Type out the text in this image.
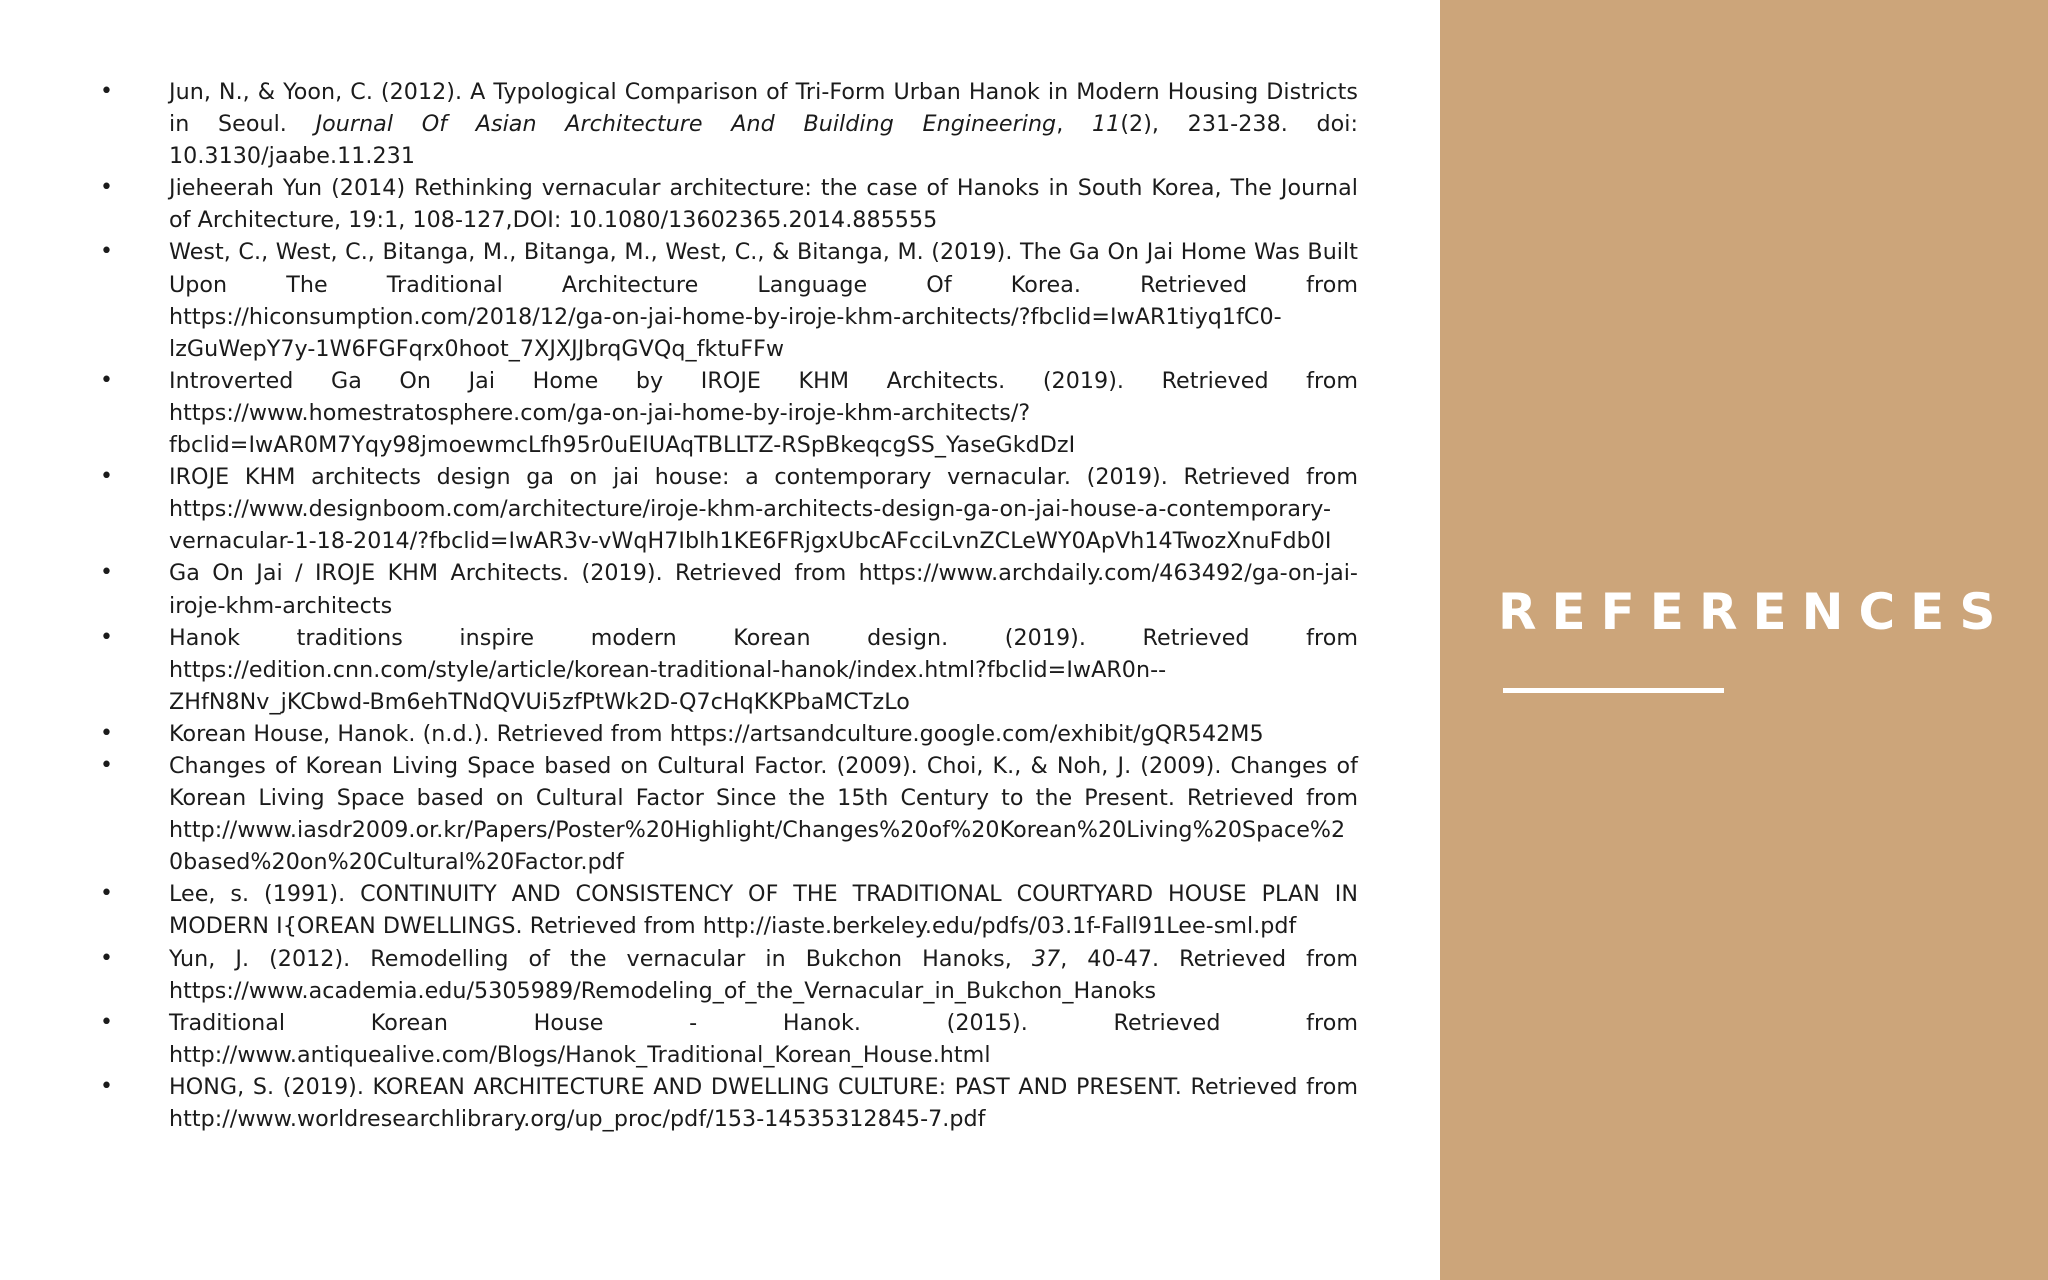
•	Jun, N., & Yoon, C. (2012). A Typological Comparison of Tri-Form Urban Hanok in Modern Housing Districts in Seoul. Journal Of Asian Architecture And Building Engineering, 11(2), 231-238. doi: 10.3130/jaabe.11.231
•	Jieheerah Yun (2014) Rethinking vernacular architecture: the case of Hanoks in South Korea, The Journal of Architecture, 19:1, 108-127,DOI: 10.1080/13602365.2014.885555
•	West, C., West, C., Bitanga, M., Bitanga, M., West, C., & Bitanga, M. (2019). The Ga On Jai Home Was Built Upon The Traditional Architecture Language Of Korea. Retrieved from https://hiconsumption.com/2018/12/ga-on-jai-home-by-iroje-khm-architects/?fbclid=IwAR1tiyq1fC0-lzGuWepY7y-1W6FGFqrx0hoot_7XJXJJbrqGVQq_fktuFFw
•	Introverted Ga On Jai Home by IROJE KHM Architects. (2019). Retrieved from https://www.homestratosphere.com/ga-on-jai-home-by-iroje-khm-architects/?fbclid=IwAR0M7Yqy98jmoewmcLfh95r0uEIUAqTBLLTZ-RSpBkeqcgSS_YaseGkdDzI
•	IROJE KHM architects design ga on jai house: a contemporary vernacular. (2019). Retrieved from https://www.designboom.com/architecture/iroje-khm-architects-design-ga-on-jai-house-a-contemporary-vernacular-1-18-2014/?fbclid=IwAR3v-vWqH7Iblh1KE6FRjgxUbcAFcciLvnZCLeWY0ApVh14TwozXnuFdb0I
•	Ga On Jai / IROJE KHM Architects. (2019). Retrieved from https://www.archdaily.com/463492/ga-on-jai-iroje-khm-architects
•	Hanok traditions inspire modern Korean design. (2019). Retrieved from https://edition.cnn.com/style/article/korean-traditional-hanok/index.html?fbclid=IwAR0n--ZHfN8Nv_jKCbwd-Bm6ehTNdQVUi5zfPtWk2D-Q7cHqKKPbaMCTzLo
•	Korean House, Hanok. (n.d.). Retrieved from https://artsandculture.google.com/exhibit/gQR542M5
•	Changes of Korean Living Space based on Cultural Factor. (2009). Choi, K., & Noh, J. (2009). Changes of Korean Living Space based on Cultural Factor Since the 15th Century to the Present. Retrieved from http://www.iasdr2009.or.kr/Papers/Poster%20Highlight/Changes%20of%20Korean%20Living%20Space%20based%20on%20Cultural%20Factor.pdf
•	Lee, s. (1991). CONTINUITY AND CONSISTENCY OF THE TRADITIONAL COURTYARD HOUSE PLAN IN MODERN I{OREAN DWELLINGS. Retrieved from http://iaste.berkeley.edu/pdfs/03.1f-Fall91Lee-sml.pdf
•	Yun, J. (2012). Remodelling of the vernacular in Bukchon Hanoks, 37, 40-47. Retrieved from https://www.academia.edu/5305989/Remodeling_of_the_Vernacular_in_Bukchon_Hanoks
•	Traditional Korean House - Hanok. (2015). Retrieved from http://www.antiquealive.com/Blogs/Hanok_Traditional_Korean_House.html
•	HONG, S. (2019). KOREAN ARCHITECTURE AND DWELLING CULTURE: PAST AND PRESENT. Retrieved from http://www.worldresearchlibrary.org/up_proc/pdf/153-14535312845-7.pdf
REFERENCES
